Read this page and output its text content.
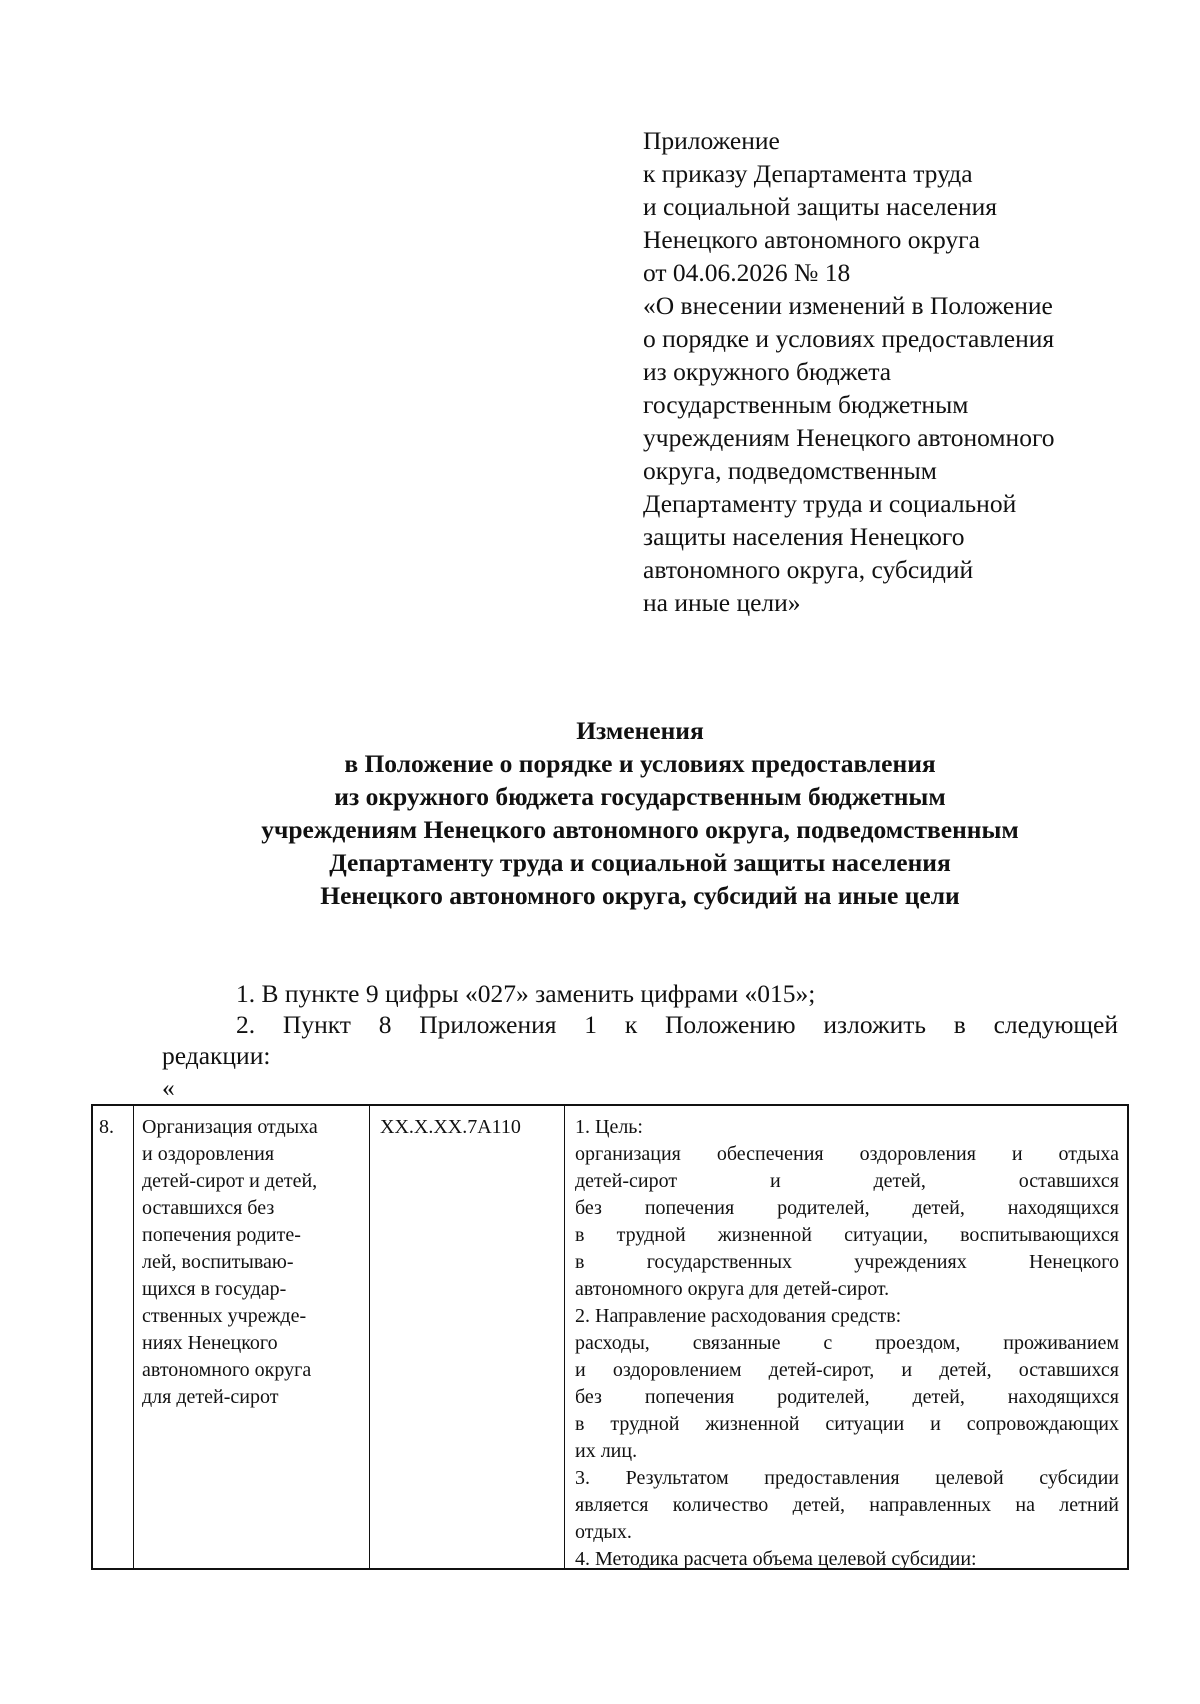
Приложение
к приказу Департамента труда
и социальной защиты населения
Ненецкого автономного округа
от 04.06.2026 № 18
«О внесении изменений в Положение
о порядке и условиях предоставления
из окружного бюджета
государственным бюджетным
учреждениям Ненецкого автономного
округа, подведомственным
Департаменту труда и социальной
защиты населения Ненецкого
автономного округа, субсидий
на иные цели»
Изменения
в Положение о порядке и условиях предоставления
из окружного бюджета государственным бюджетным
учреждениям Ненецкого автономного округа, подведомственным
Департаменту труда и социальной защиты населения
Ненецкого автономного округа, субсидий на иные цели
1. В пункте 9 цифры «027» заменить цифрами «015»;
2. Пункт 8 Приложения 1 к Положению изложить в следующей
редакции:
«
8. Организация отдыха
и оздоровления
детей-сирот и детей,
оставшихся без
попечения родите-
лей, воспитываю-
щихся в государ-
ственных учрежде-
ниях Ненецкого
автономного округа
для детей-сирот
XX.X.XX.7A110	1. Цель:
организация обеспечения оздоровления и отдыха
детей-сирот и детей, оставшихся
без попечения родителей, детей, находящихся
в трудной жизненной ситуации, воспитывающихся
в государственных учреждениях Ненецкого
автономного округа для детей-сирот.
2. Направление расходования средств:
расходы, связанные с проездом, проживанием
и оздоровлением детей-сирот, и детей, оставшихся
без попечения родителей, детей, находящихся
в трудной жизненной ситуации и сопровождающих
их лиц.
3. Результатом предоставления целевой субсидии
является количество детей, направленных на летний
отдых.
4. Методика расчета объема целевой субсидии:
